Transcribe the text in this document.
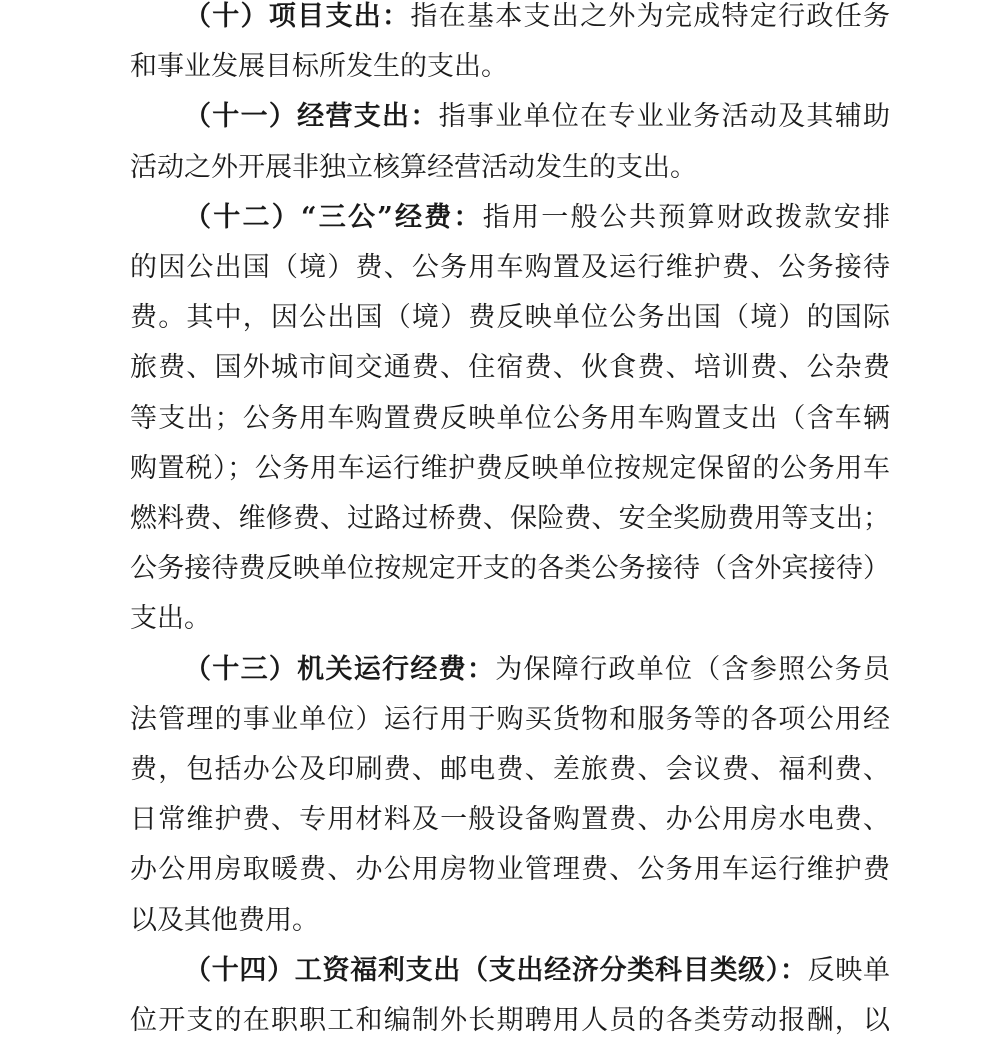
（十）项目支出：指在基本支出之外为完成特定行政任务
和事业发展目标所发生的支出。
（十一）经营支出：指事业单位在专业业务活动及其辅助
活动之外开展非独立核算经营活动发生的支出。
（十二）“三公”经费：指用一般公共预算财政拨款安排
的因公出国（境）费、公务用车购置及运行维护费、公务接待
费。其中，因公出国（境）费反映单位公务出国（境）的国际
旅费、国外城市间交通费、住宿费、伙食费、培训费、公杂费
等支出；公务用车购置费反映单位公务用车购置支出（含车辆
购置税）；公务用车运行维护费反映单位按规定保留的公务用车
燃料费、维修费、过路过桥费、保险费、安全奖励费用等支出；
公务接待费反映单位按规定开支的各类公务接待（含外宾接待）
支出。
（十三）机关运行经费：为保障行政单位（含参照公务员
法管理的事业单位）运行用于购买货物和服务等的各项公用经
费，包括办公及印刷费、邮电费、差旅费、会议费、福利费、
日常维护费、专用材料及一般设备购置费、办公用房水电费、
办公用房取暖费、办公用房物业管理费、公务用车运行维护费
以及其他费用。
（十四）工资福利支出（支出经济分类科目类级）：反映单
位开支的在职职工和编制外长期聘用人员的各类劳动报酬，以
